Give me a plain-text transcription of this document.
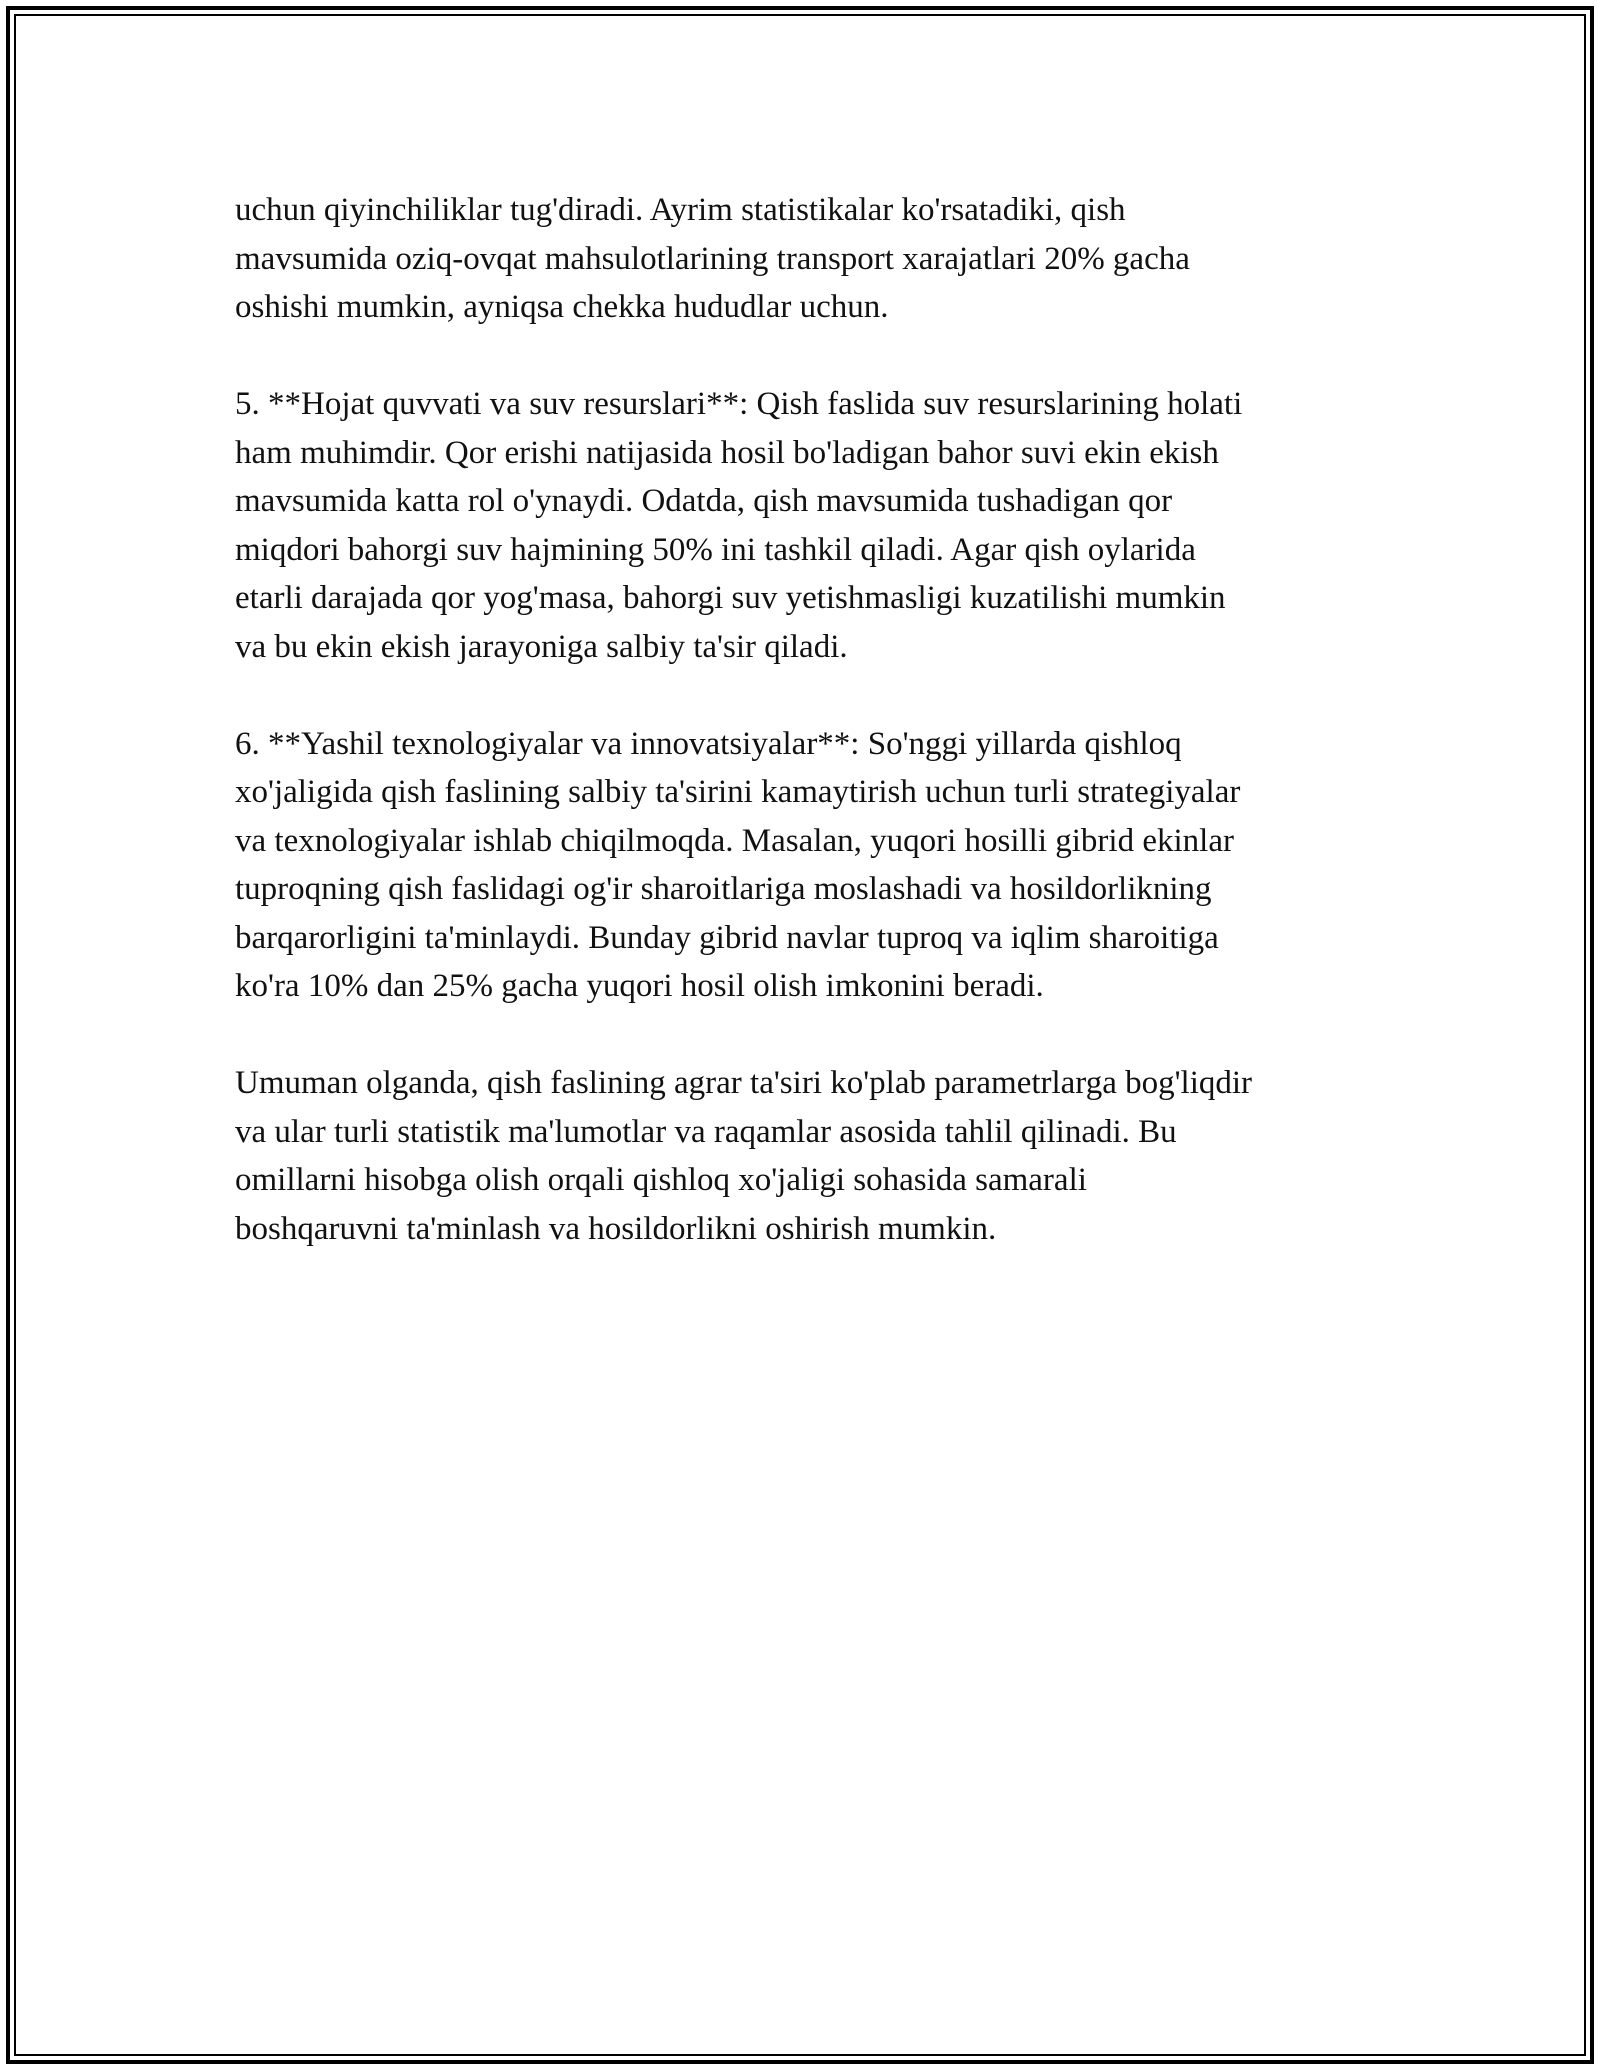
uchun qiyinchiliklar tug'diradi. Ayrim statistikalar ko'rsatadiki, qish
mavsumida oziq-ovqat mahsulotlarining transport xarajatlari 20% gacha
oshishi mumkin, ayniqsa chekka hududlar uchun.

5. **Hojat quvvati va suv resurslari**: Qish faslida suv resurslarining holati
ham muhimdir. Qor erishi natijasida hosil bo'ladigan bahor suvi ekin ekish
mavsumida katta rol o'ynaydi. Odatda, qish mavsumida tushadigan qor
miqdori bahorgi suv hajmining 50% ini tashkil qiladi. Agar qish oylarida
etarli darajada qor yog'masa, bahorgi suv yetishmasligi kuzatilishi mumkin
va bu ekin ekish jarayoniga salbiy ta'sir qiladi.

6. **Yashil texnologiyalar va innovatsiyalar**: So'nggi yillarda qishloq
xo'jaligida qish faslining salbiy ta'sirini kamaytirish uchun turli strategiyalar
va texnologiyalar ishlab chiqilmoqda. Masalan, yuqori hosilli gibrid ekinlar
tuproqning qish faslidagi og'ir sharoitlariga moslashadi va hosildorlikning
barqarorligini ta'minlaydi. Bunday gibrid navlar tuproq va iqlim sharoitiga
ko'ra 10% dan 25% gacha yuqori hosil olish imkonini beradi.

Umuman olganda, qish faslining agrar ta'siri ko'plab parametrlarga bog'liqdir
va ular turli statistik ma'lumotlar va raqamlar asosida tahlil qilinadi. Bu
omillarni hisobga olish orqali qishloq xo'jaligi sohasida samarali
boshqaruvni ta'minlash va hosildorlikni oshirish mumkin.
